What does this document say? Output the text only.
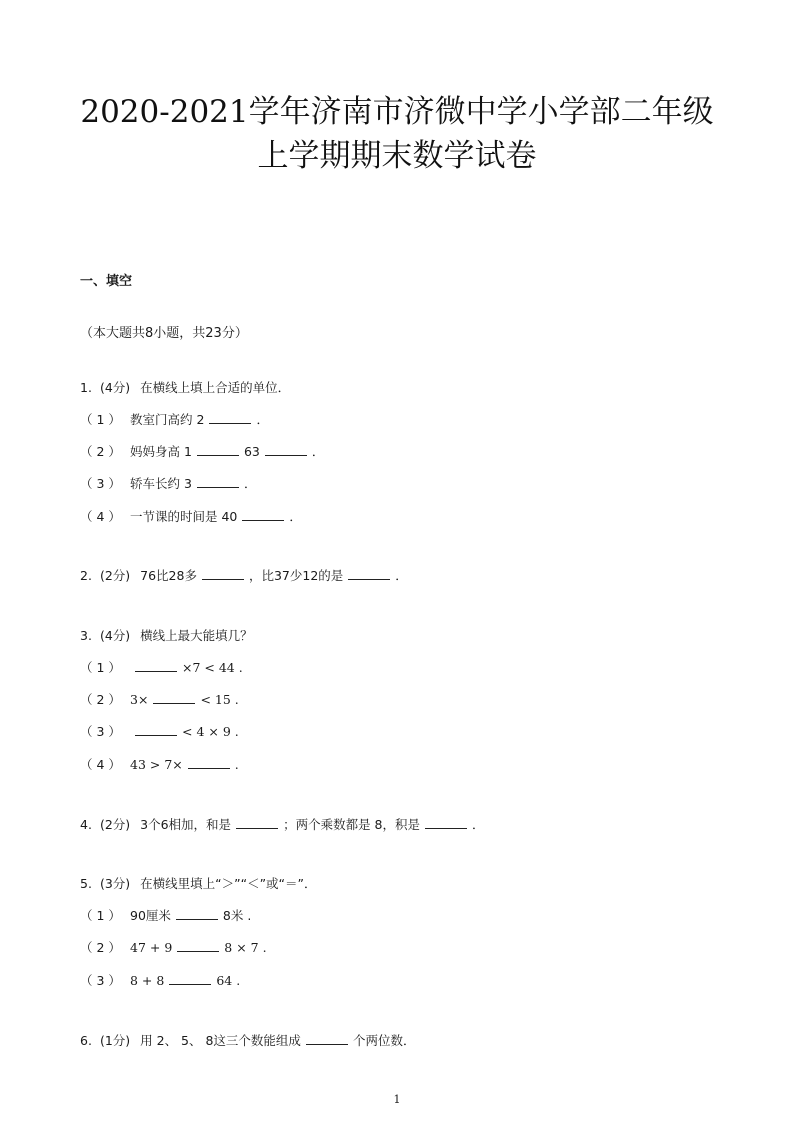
2020-2021学年济南市济微中学小学部二年级
上学期期末数学试卷
一、填空
（本大题共8小题，共23分）
1. (4分) 在横线上填上合适的单位．
（ 1 ） 教室门高约 2	．
（ 2 ） 妈妈身高 1	63	．
（ 3 ） 轿车长约 3	．
（ 4 ） 一节课的时间是 40	．
2. (2分) 76比28多	，比37少12的是	．
3. (4分) 横线上最大能填几？
（ 1 ）	×7 < 44 .
（ 2 ） 3×	< 15 .
（ 3 ）	< 4 × 9 .
（ 4 ） 43 > 7×	.
4. (2分) 3个6相加，和是	；两个乘数都是 8，积是	．
5. (3分) 在横线里填上“＞”“＜”或“＝”．
（ 1 ） 90厘米	8米 .
（ 2 ） 47 + 9	8 × 7 .
（ 3 ） 8 + 8	64 .
6. (1分) 用 2、 5、 8这三个数能组成	个两位数．
1
